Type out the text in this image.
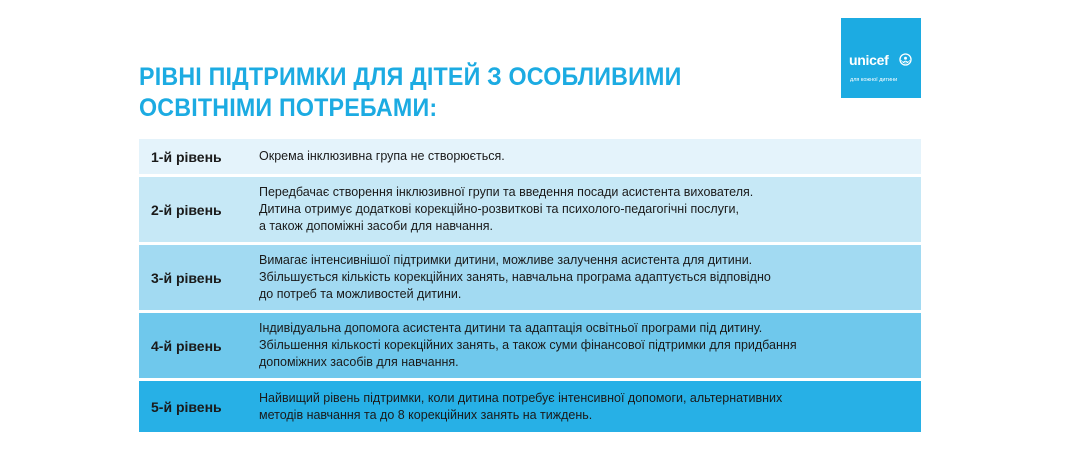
unicef
для кожної дитини
РІВНІ ПІДТРИМКИ ДЛЯ ДІТЕЙ З ОСОБЛИВИМИ
ОСВІТНІМИ ПОТРЕБАМИ:
1-й рівень	Окрема інклюзивна група не створюється.
2-й рівень
Передбачає створення інклюзивної групи та введення посади асистента вихователя.
Дитина отримує додаткові корекційно-розвиткові та психолого-педагогічні послуги,
а також допоміжні засоби для навчання.
3-й рівень
Вимагає інтенсивнішої підтримки дитини, можливе залучення асистента для дитини.
Збільшується кількість корекційних занять, навчальна програма адаптується відповідно
до потреб та можливостей дитини.
4-й рівень
Індивідуальна допомога асистента дитини та адаптація освітньої програми під дитину.
Збільшення кількості корекційних занять, а також суми фінансової підтримки для придбання
допоміжних засобів для навчання.
5-й рівень
Найвищий рівень підтримки, коли дитина потребує інтенсивної допомоги, альтернативних
методів навчання та до 8 корекційних занять на тиждень.
